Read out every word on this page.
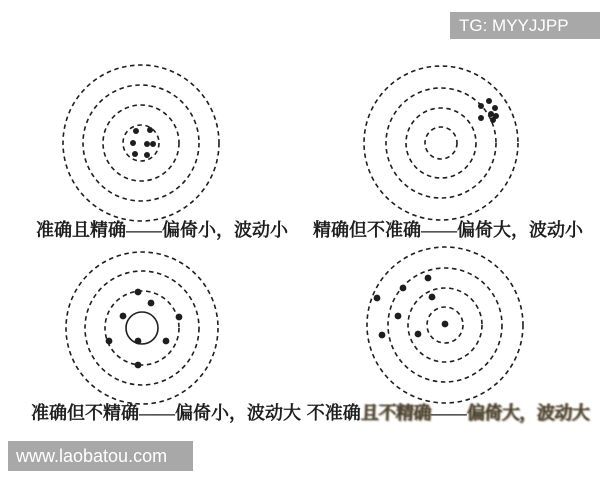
准确且精确——偏倚小，波动小	精确但不准确——偏倚大，波动小
准确但不精确——偏倚小，波动大 不准确且不精确——偏倚大，波动大
TG: MYYJJPP
www.laobatou.com
